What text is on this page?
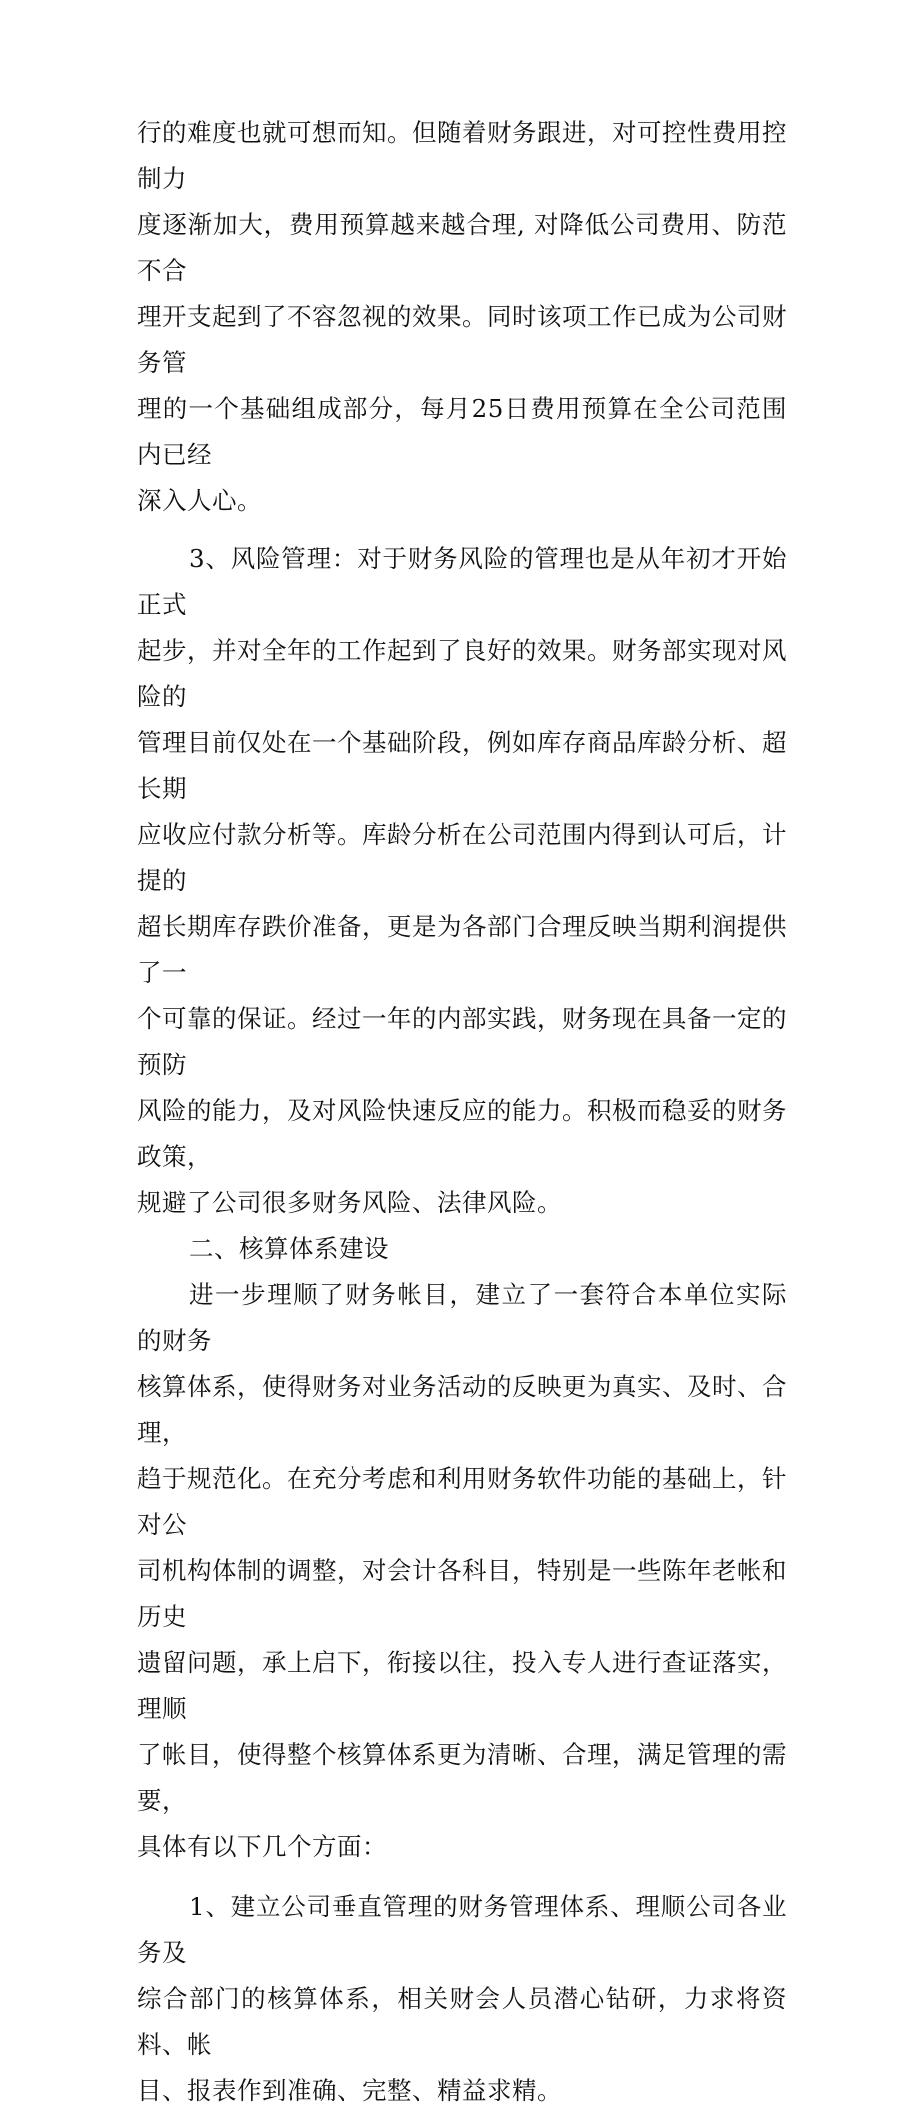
行的难度也就可想而知。但随着财务跟进，对可控性费用控制力
度逐渐加大，费用预算越来越合理, 对降低公司费用、防范不合
理开支起到了不容忽视的效果。同时该项工作已成为公司财务管
理的一个基础组成部分，每月25日费用预算在全公司范围内已经
深入人心。

3、风险管理：对于财务风险的管理也是从年初才开始正式
起步，并对全年的工作起到了良好的效果。财务部实现对风险的
管理目前仅处在一个基础阶段，例如库存商品库龄分析、超长期
应收应付款分析等。库龄分析在公司范围内得到认可后，计提的
超长期库存跌价准备，更是为各部门合理反映当期利润提供了一
个可靠的保证。经过一年的内部实践，财务现在具备一定的预防
风险的能力，及对风险快速反应的能力。积极而稳妥的财务政策，
规避了公司很多财务风险、法律风险。

二、核算体系建设

进一步理顺了财务帐目，建立了一套符合本单位实际的财务
核算体系，使得财务对业务活动的反映更为真实、及时、合理，
趋于规范化。在充分考虑和利用财务软件功能的基础上，针对公
司机构体制的调整，对会计各科目，特别是一些陈年老帐和历史
遗留问题，承上启下，衔接以往，投入专人进行查证落实，理顺
了帐目，使得整个核算体系更为清晰、合理，满足管理的需要，
具体有以下几个方面：

1、建立公司垂直管理的财务管理体系、理顺公司各业务及
综合部门的核算体系，相关财会人员潜心钻研，力求将资料、帐
目、报表作到准确、完整、精益求精。
